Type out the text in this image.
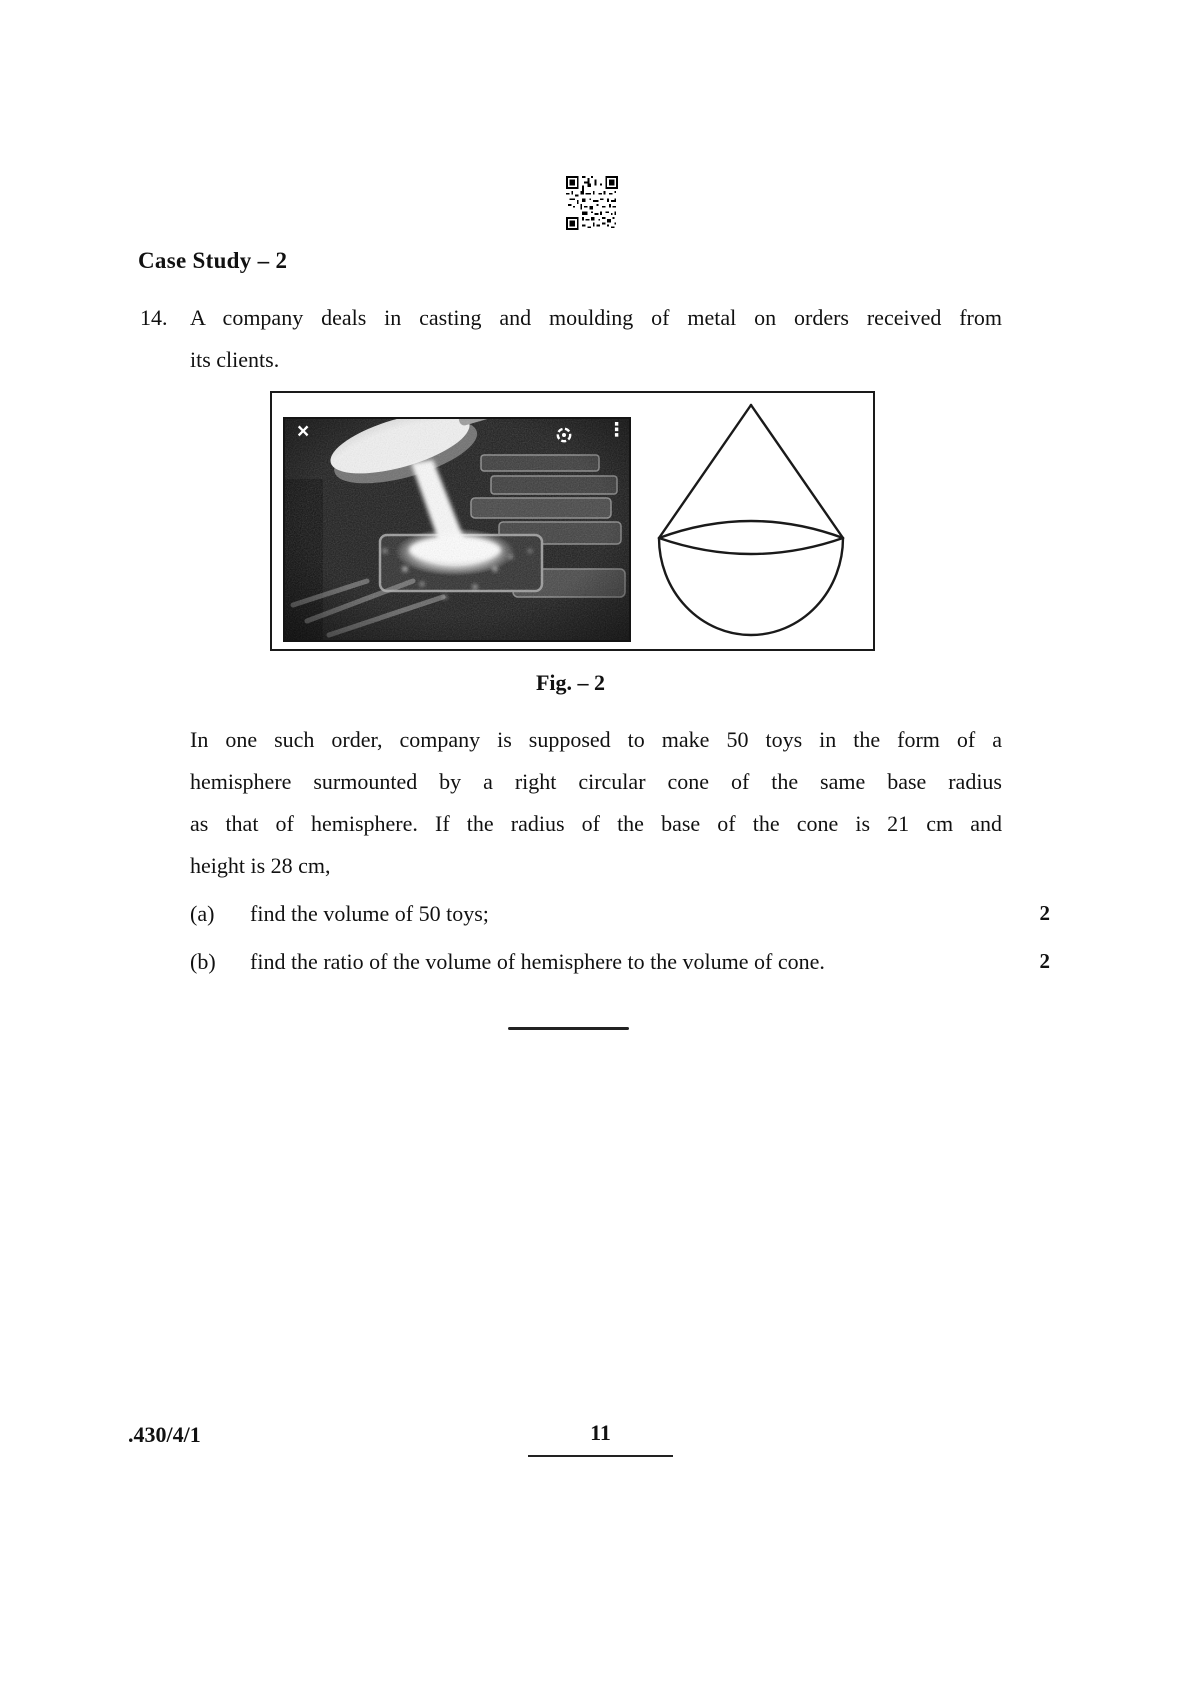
Case Study – 2
14. A company deals in casting and moulding of metal on orders received from
its clients.
×	⋮
Fig. – 2
In one such order, company is supposed to make 50 toys in the form of a
hemisphere surmounted by a right circular cone of the same base radius
as that of hemisphere. If the radius of the base of the cone is 21 cm and
height is 28 cm,
(a) find the volume of 50 toys;	2
(b) find the ratio of the volume of hemisphere to the volume of cone.	2
.430/4/1	11
